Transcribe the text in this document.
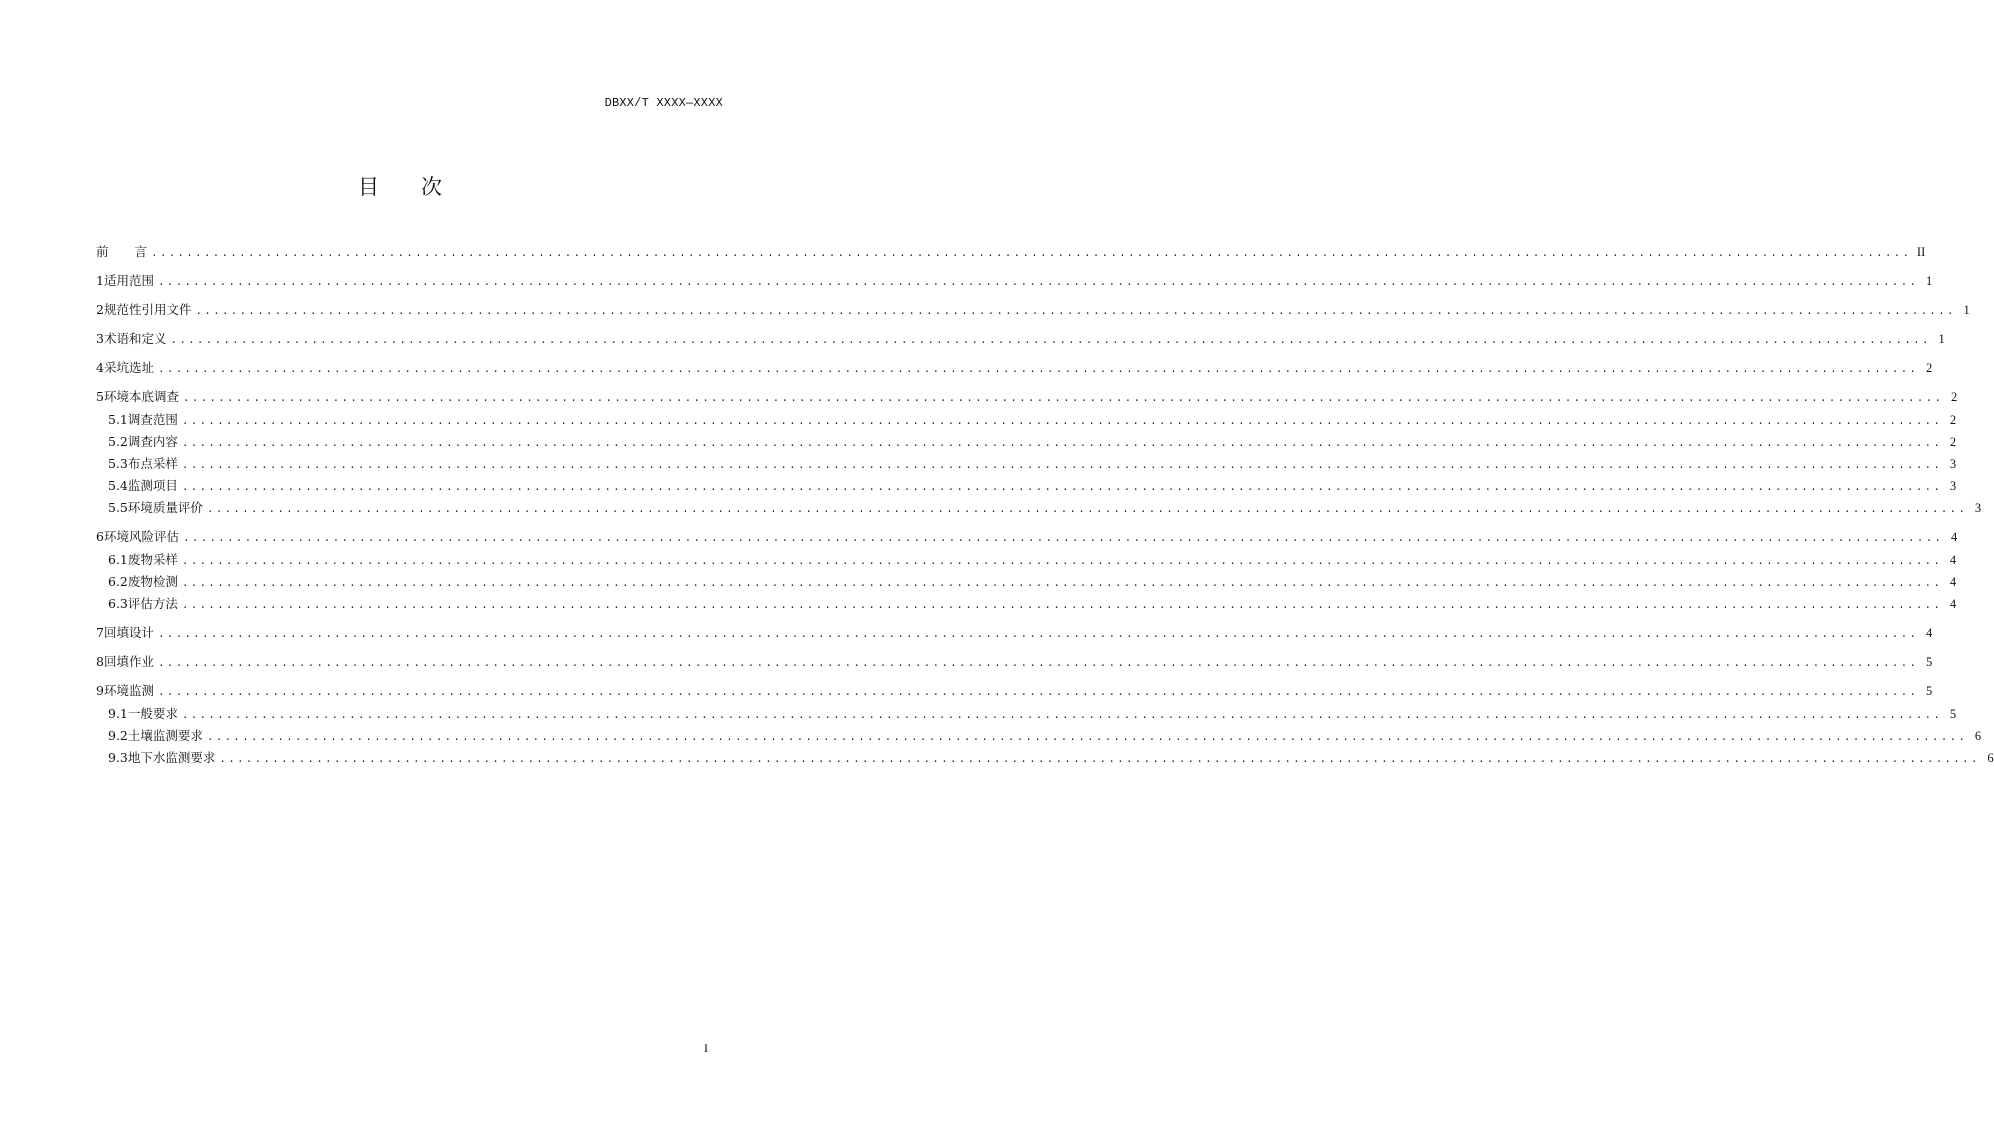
DBXX/T XXXX—XXXX
目 次
前 言 ........................................................................................................................................................................................................ II
1 适用范围 ........................................................................................................................................................................................................ 1
2 规范性引用文件 ........................................................................................................................................................................................................ 1
3 术语和定义 ........................................................................................................................................................................................................ 1
4 采坑选址 ........................................................................................................................................................................................................ 2
5 环境本底调查 ........................................................................................................................................................................................................ 2
5.1 调查范围 ........................................................................................................................................................................................................ 2
5.2 调查内容 ........................................................................................................................................................................................................ 2
5.3 布点采样 ........................................................................................................................................................................................................ 3
5.4 监测项目 ........................................................................................................................................................................................................ 3
5.5 环境质量评价 ........................................................................................................................................................................................................ 3
6 环境风险评估 ........................................................................................................................................................................................................ 4
6.1 废物采样 ........................................................................................................................................................................................................ 4
6.2 废物检测 ........................................................................................................................................................................................................ 4
6.3 评估方法 ........................................................................................................................................................................................................ 4
7 回填设计 ........................................................................................................................................................................................................ 4
8 回填作业 ........................................................................................................................................................................................................ 5
9 环境监测 ........................................................................................................................................................................................................ 5
9.1 一般要求 ........................................................................................................................................................................................................ 5
9.2 土壤监测要求 ........................................................................................................................................................................................................ 6
9.3 地下水监测要求 ........................................................................................................................................................................................................ 6
I
